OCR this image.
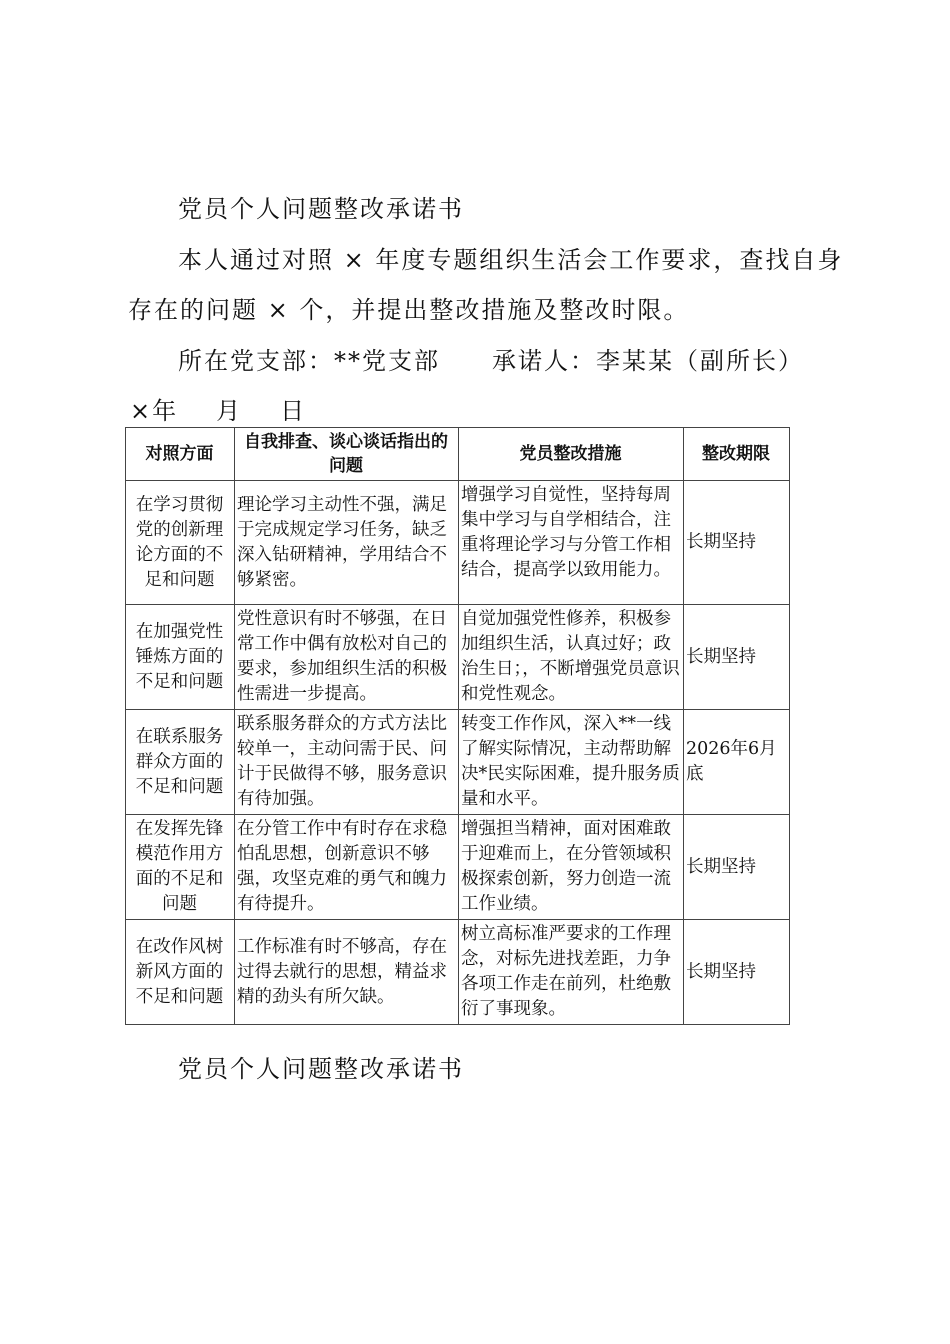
党员个人问题整改承诺书
本人通过对照 × 年度专题组织生活会工作要求，查找自身
存在的问题 × 个，并提出整改措施及整改时限。
所在党支部：**党支部 承诺人：李某某（副所长）
×年 月 日
对照方面	自我排查、谈心谈话指出的问题	党员整改措施	整改期限
在学习贯彻党的创新理论方面的不足和问题	理论学习主动性不强，满足于完成规定学习任务，缺乏深入钻研精神，学用结合不够紧密。	增强学习自觉性，坚持每周集中学习与自学相结合，注重将理论学习与分管工作相结合，提高学以致用能力。	长期坚持
在加强党性锤炼方面的不足和问题	党性意识有时不够强，在日常工作中偶有放松对自己的要求，参加组织生活的积极性需进一步提高。	自觉加强党性修养，积极参加组织生活，认真过好；政治生日；，不断增强党员意识和党性观念。	长期坚持
在联系服务群众方面的不足和问题	联系服务群众的方式方法比较单一，主动问需于民、问计于民做得不够，服务意识有待加强。	转变工作作风，深入**一线了解实际情况，主动帮助解决*民实际困难，提升服务质量和水平。	2026年6月底
在发挥先锋模范作用方面的不足和问题	在分管工作中有时存在求稳怕乱思想，创新意识不够强，攻坚克难的勇气和魄力有待提升。	增强担当精神，面对困难敢于迎难而上，在分管领域积极探索创新，努力创造一流工作业绩。	长期坚持
在改作风树新风方面的不足和问题	工作标准有时不够高，存在过得去就行的思想，精益求精的劲头有所欠缺。	树立高标准严要求的工作理念，对标先进找差距，力争各项工作走在前列，杜绝敷衍了事现象。	长期坚持
党员个人问题整改承诺书
